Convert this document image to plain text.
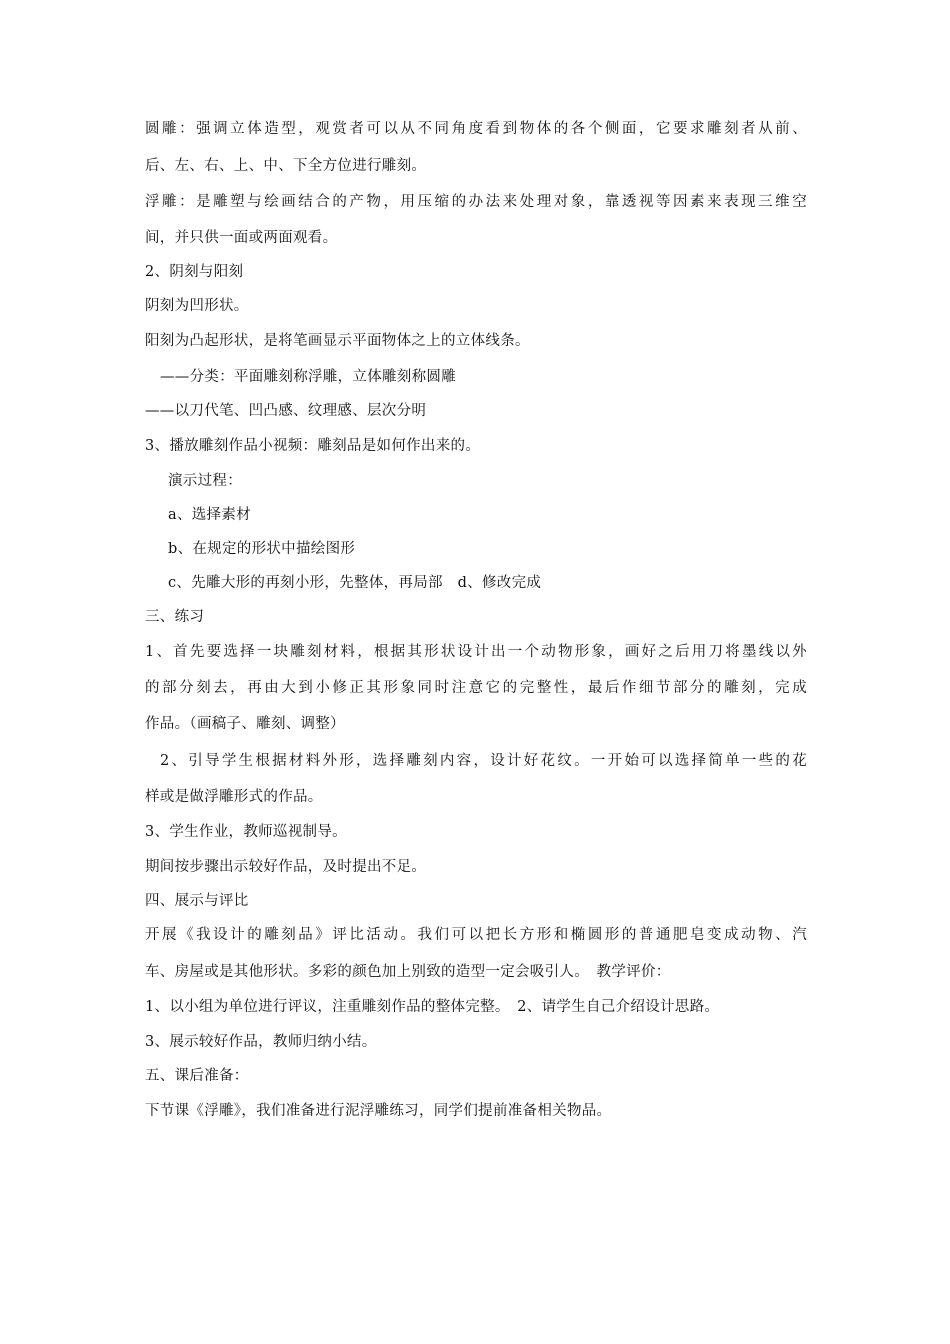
圆雕：强调立体造型，观赏者可以从不同角度看到物体的各个侧面，它要求雕刻者从前、
后、左、右、上、中、下全方位进行雕刻。
浮雕：是雕塑与绘画结合的产物，用压缩的办法来处理对象，靠透视等因素来表现三维空
间，并只供一面或两面观看。
2、阴刻与阳刻
阴刻为凹形状。
阳刻为凸起形状，是将笔画显示平面物体之上的立体线条。
——分类：平面雕刻称浮雕，立体雕刻称圆雕
——以刀代笔、凹凸感、纹理感、层次分明
3、播放雕刻作品小视频：雕刻品是如何作出来的。
演示过程：
a、选择素材
b、在规定的形状中描绘图形
c、先雕大形的再刻小形，先整体，再局部　d、修改完成
三、练习
1、首先要选择一块雕刻材料，根据其形状设计出一个动物形象，画好之后用刀将墨线以外
的部分刻去，再由大到小修正其形象同时注意它的完整性，最后作细节部分的雕刻，完成
作品。（画稿子、雕刻、调整）
2、引导学生根据材料外形，选择雕刻内容，设计好花纹。一开始可以选择简单一些的花
样或是做浮雕形式的作品。
3、学生作业，教师巡视制导。
期间按步骤出示较好作品，及时提出不足。
四、展示与评比
开展《我设计的雕刻品》评比活动。我们可以把长方形和椭圆形的普通肥皂变成动物、汽
车、房屋或是其他形状。多彩的颜色加上别致的造型一定会吸引人。　教学评价：
1、以小组为单位进行评议，注重雕刻作品的整体完整。　2、请学生自己介绍设计思路。
3、展示较好作品，教师归纳小结。
五、课后准备：
下节课《浮雕》，我们准备进行泥浮雕练习，同学们提前准备相关物品。
